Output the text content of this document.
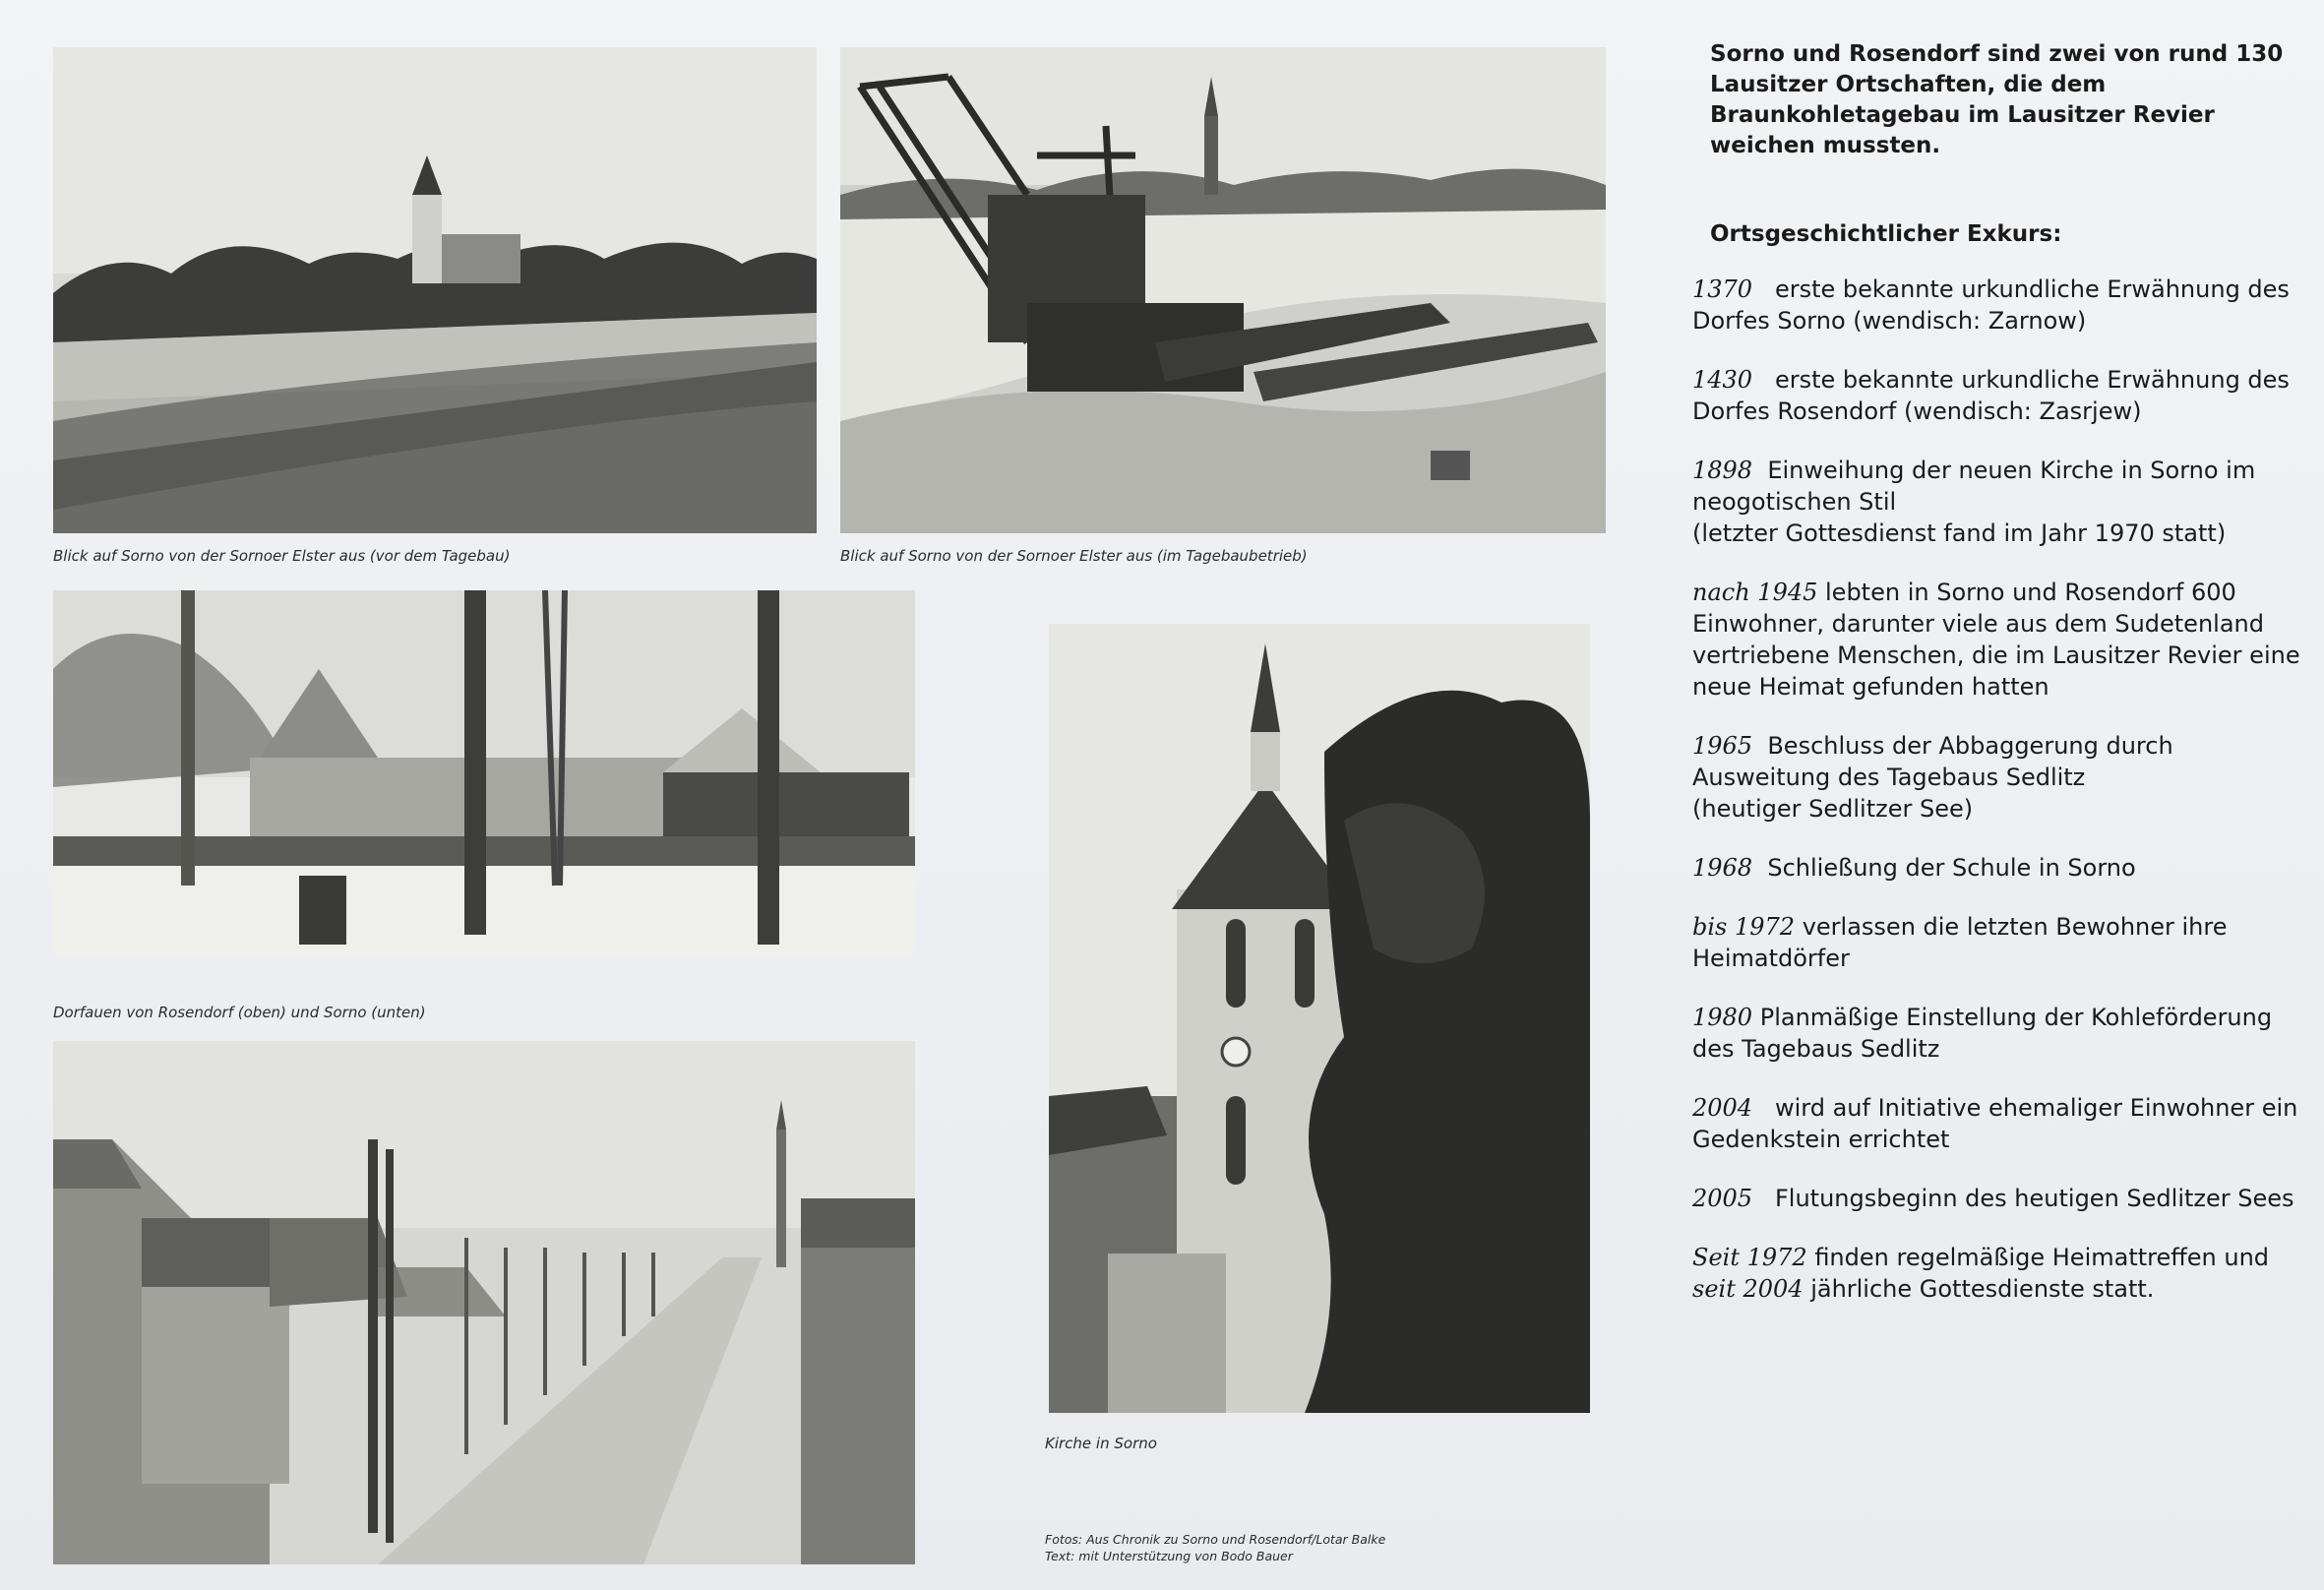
Blick auf Sorno von der Sornoer Elster aus (vor dem Tagebau)	Blick auf Sorno von der Sornoer Elster aus (im Tagebaubetrieb)
Dorfauen von Rosendorf (oben) und Sorno (unten)
Kirche in Sorno
Fotos: Aus Chronik zu Sorno und Rosendorf/Lotar Balke
Text: mit Unterstützung von Bodo Bauer

Sorno und Rosendorf sind zwei von rund 130 Lausitzer Ortschaften, die dem Braunkohletagebau im Lausitzer Revier weichen mussten.

Ortsgeschichtlicher Exkurs:

1370 erste bekannte urkundliche Erwähnung des

Dorfes Sorno (wendisch: Zarnow)

1430 erste bekannte urkundliche Erwähnung des

Dorfes Rosendorf (wendisch: Zasrjew)

1898 Einweihung der neuen Kirche in Sorno im

neogotischen Stil

(letzter Gottesdienst fand im Jahr 1970 statt)

nach 1945 lebten in Sorno und Rosendorf 600

Einwohner, darunter viele aus dem Sudetenland

vertriebene Menschen, die im Lausitzer Revier eine

neue Heimat gefunden hatten

1965 Beschluss der Abbaggerung durch

Ausweitung des Tagebaus Sedlitz

(heutiger Sedlitzer See)

1968 Schließung der Schule in Sorno

bis 1972 verlassen die letzten Bewohner ihre

Heimatdörfer

1980 Planmäßige Einstellung der Kohleförderung

des Tagebaus Sedlitz

2004 wird auf Initiative ehemaliger Einwohner ein

Gedenkstein errichtet

2005 Flutungsbeginn des heutigen Sedlitzer Sees

Seit 1972 finden regelmäßige Heimattreffen und

seit 2004 jährliche Gottesdienste statt.
